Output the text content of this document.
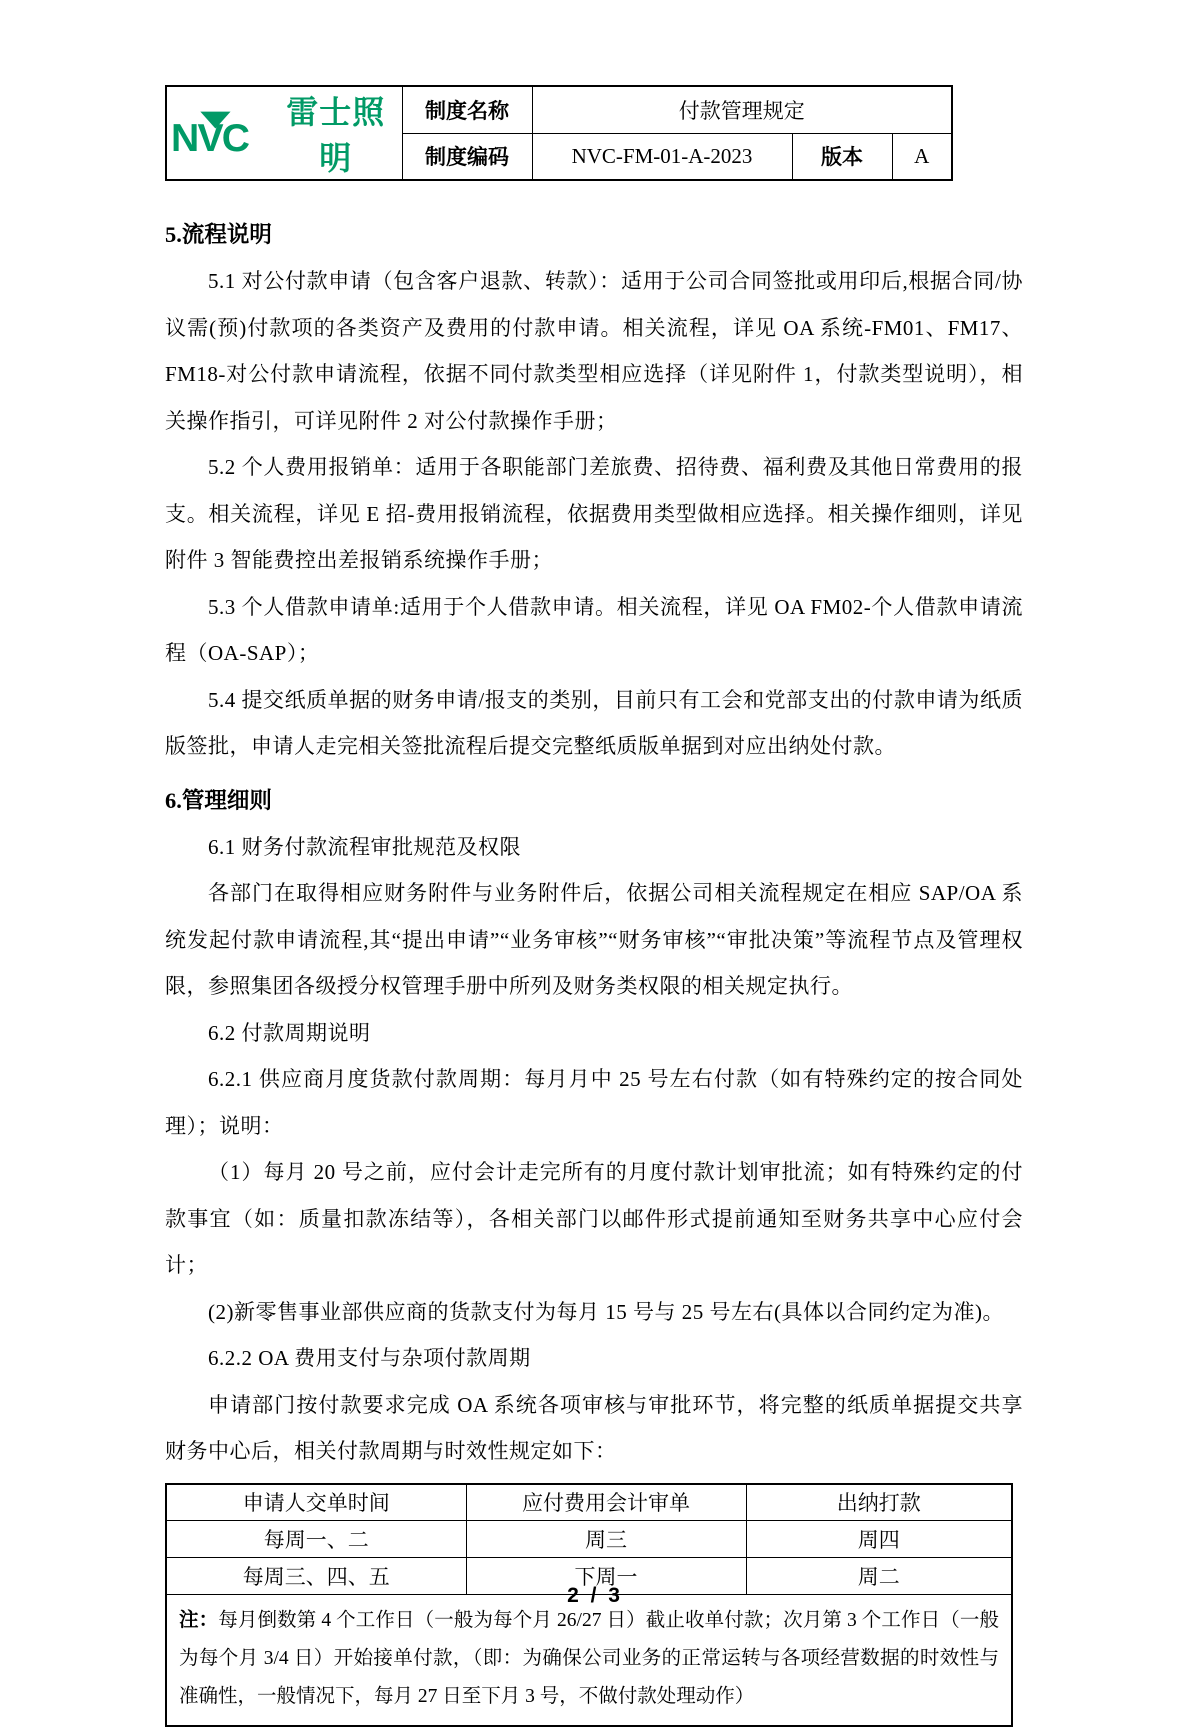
NVC
雷士照明	制度名称	付款管理规定		
	制度编码	NVC-FM-01-A-2023	版本	A
5.流程说明

5.1 对公付款申请（包含客户退款、转款）：适用于公司合同签批或用印后,根据合同/协议需(预)付款项的各类资产及费用的付款申请。相关流程，详见 OA 系统-FM01、FM17、FM18-对公付款申请流程，依据不同付款类型相应选择（详见附件 1，付款类型说明），相关操作指引，可详见附件 2 对公付款操作手册；

5.2 个人费用报销单：适用于各职能部门差旅费、招待费、福利费及其他日常费用的报支。相关流程，详见 E 招-费用报销流程，依据费用类型做相应选择。相关操作细则，详见附件 3 智能费控出差报销系统操作手册；

5.3 个人借款申请单:适用于个人借款申请。相关流程，详见 OA FM02-个人借款申请流程（OA-SAP）；

5.4 提交纸质单据的财务申请/报支的类别，目前只有工会和党部支出的付款申请为纸质版签批，申请人走完相关签批流程后提交完整纸质版单据到对应出纳处付款。

6.管理细则

6.1 财务付款流程审批规范及权限

各部门在取得相应财务附件与业务附件后，依据公司相关流程规定在相应 SAP/OA 系统发起付款申请流程,其“提出申请”“业务审核”“财务审核”“审批决策”等流程节点及管理权限，参照集团各级授分权管理手册中所列及财务类权限的相关规定执行。

6.2 付款周期说明

6.2.1 供应商月度货款付款周期：每月月中 25 号左右付款（如有特殊约定的按合同处理）；说明：

（1）每月 20 号之前，应付会计走完所有的月度付款计划审批流；如有特殊约定的付款事宜（如：质量扣款冻结等），各相关部门以邮件形式提前通知至财务共享中心应付会计；

(2)新零售事业部供应商的货款支付为每月 15 号与 25 号左右(具体以合同约定为准)。

6.2.2 OA 费用支付与杂项付款周期

申请部门按付款要求完成 OA 系统各项审核与审批环节，将完整的纸质单据提交共享财务中心后，相关付款周期与时效性规定如下：

申请人交单时间	应付费用会计审单	出纳打款
每周一、二	周三	周四
每周三、四、五	下周一	周二
注：每月倒数第 4 个工作日（一般为每个月 26/27 日）截止收单付款；次月第 3 个工作日（一般为每个月 3/4 日）开始接单付款，（即：为确保公司业务的正常运转与各项经营数据的时效性与准确性，一般情况下，每月 27 日至下月 3 号，不做付款处理动作）		
2 / 3
